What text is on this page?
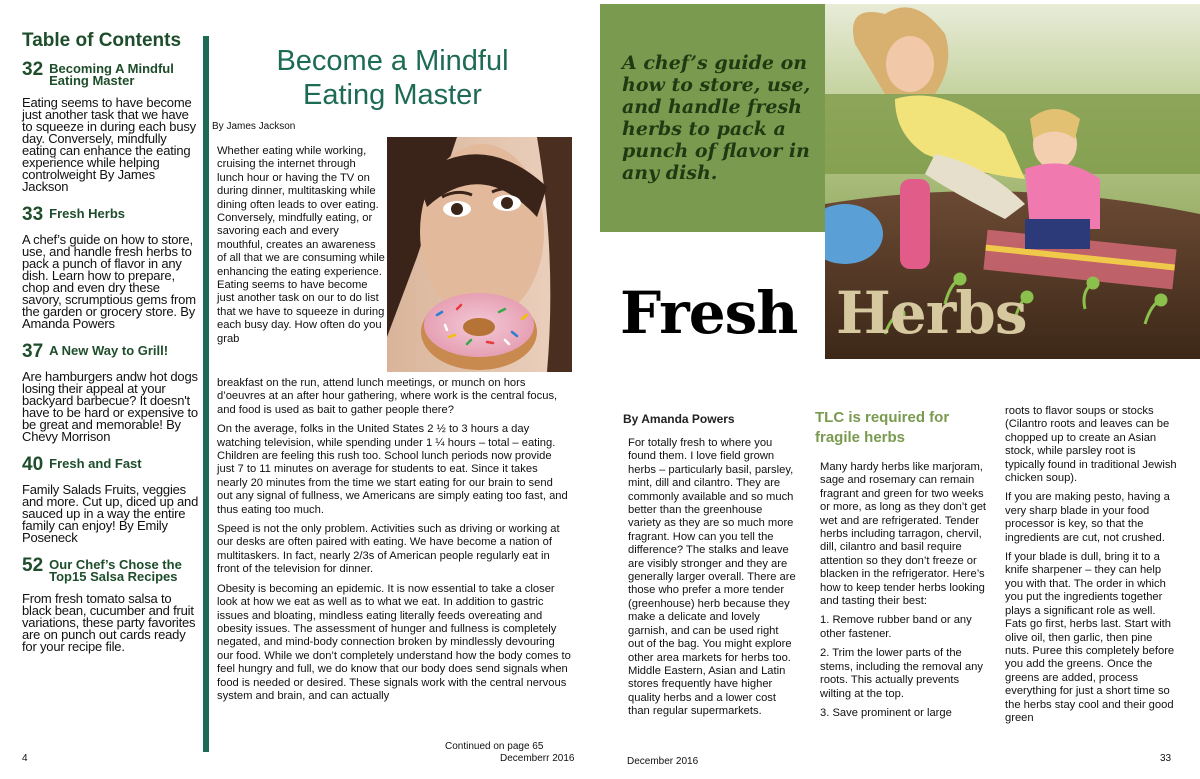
Table of Contents
32 Becoming A Mindful Eating Master
Eating seems to have become just another task that we have to squeeze in during each busy day. Conversely, mindfully eating can enhance the eating experience while helping controlweight By James Jackson
33 Fresh Herbs
A chef’s guide on how to store, use, and handle fresh herbs to pack a punch of flavor in any dish. Learn how to prepare, chop and even dry these savory, scrumptious gems from the garden or grocery store. By Amanda Powers
37 A New Way to Grill!
Are hamburgers andw hot dogs losing their appeal at your backyard barbecue? It doesn't have to be hard or expensive to be great and memorable! By Chevy Morrison
40 Fresh and Fast
Family Salads Fruits, veggies and more. Cut up, diced up and sauced up in a way the entire family can enjoy! By Emily Poseneck
52 Our Chef’s Chose the Top15 Salsa Recipes
From fresh tomato salsa to black bean, cucumber and fruit variations, these party favorites are on punch out cards ready for your recipe file.
Become a Mindful Eating Master
By James Jackson
Whether eating while working, cruising the internet through lunch hour or having the TV on during dinner, multitasking while dining often leads to over eating. Conversely, mindfully eating, or savoring each and every mouthful, creates an awareness of all that we are consuming while enhancing the eating experience. Eating seems to have become just another task on our to do list that we have to squeeze in during each busy day. How often do you grab

breakfast on the run, attend lunch meetings, or munch on hors d’oeuvres at an after hour gathering, where work is the central focus, and food is used as bait to gather people there?

On the average, folks in the United States 2 ½ to 3 hours a day watching television, while spending under 1 ¼ hours – total – eating. Children are feeling this rush too. School lunch periods now provide just 7 to 11 minutes on average for students to eat. Since it takes nearly 20 minutes from the time we start eating for our brain to send out any signal of fullness, we Americans are simply eating too fast, and thus eating too much.

Speed is not the only problem. Activities such as driving or working at our desks are often paired with eating. We have become a nation of multitaskers. In fact, nearly 2/3s of American people regularly eat in front of the television for dinner.

Obesity is becoming an epidemic. It is now essential to take a closer look at how we eat as well as to what we eat. In addition to gastric issues and bloating, mindless eating literally feeds overeating and obesity issues. The assessment of hunger and fullness is completely negated, and mind-body connection broken by mindlessly devouring our food. While we don’t completely understand how the body comes to feel hungry and full, we do know that our body does send signals when food is needed or desired. These signals work with the central nervous system and brain, and can actually

Continued on page 65
4	Decemberr 2016
A chef’s guide on how to store, use, and handle fresh herbs to pack a punch of flavor in any dish.
Fresh Herbs
By Amanda Powers
For totally fresh to where you found them. I love field grown herbs – particularly basil, parsley, mint, dill and cilantro. They are commonly available and so much better than the greenhouse variety as they are so much more fragrant. How can you tell the difference? The stalks and leave are visibly stronger and they are generally larger overall. There are those who prefer a more tender (greenhouse) herb because they make a delicate and lovely garnish, and can be used right out of the bag. You might explore other area markets for herbs too. Middle Eastern, Asian and Latin stores frequently have higher quality herbs and a lower cost than regular supermarkets.
TLC is required for fragile herbs

Many hardy herbs like marjoram, sage and rosemary can remain fragrant and green for two weeks or more, as long as they don’t get wet and are refrigerated. Tender herbs including tarragon, chervil, dill, cilantro and basil require attention so they don’t freeze or blacken in the refrigerator. Here’s how to keep tender herbs looking and tasting their best:

1. Remove rubber band or any other fastener.

2. Trim the lower parts of the stems, including the removal any roots. This actually prevents wilting at the top.

3. Save prominent or large

roots to flavor soups or stocks (Cilantro roots and leaves can be chopped up to create an Asian stock, while parsley root is typically found in traditional Jewish chicken soup).

If you are making pesto, having a very sharp blade in your food processor is key, so that the ingredients are cut, not crushed.

If your blade is dull, bring it to a knife sharpener – they can help you with that. The order in which you put the ingredients together plays a significant role as well. Fats go first, herbs last. Start with olive oil, then garlic, then pine nuts. Puree this completely before you add the greens. Once the greens are added, process everything for just a short time so the herbs stay cool and their good green

December 2016	33
